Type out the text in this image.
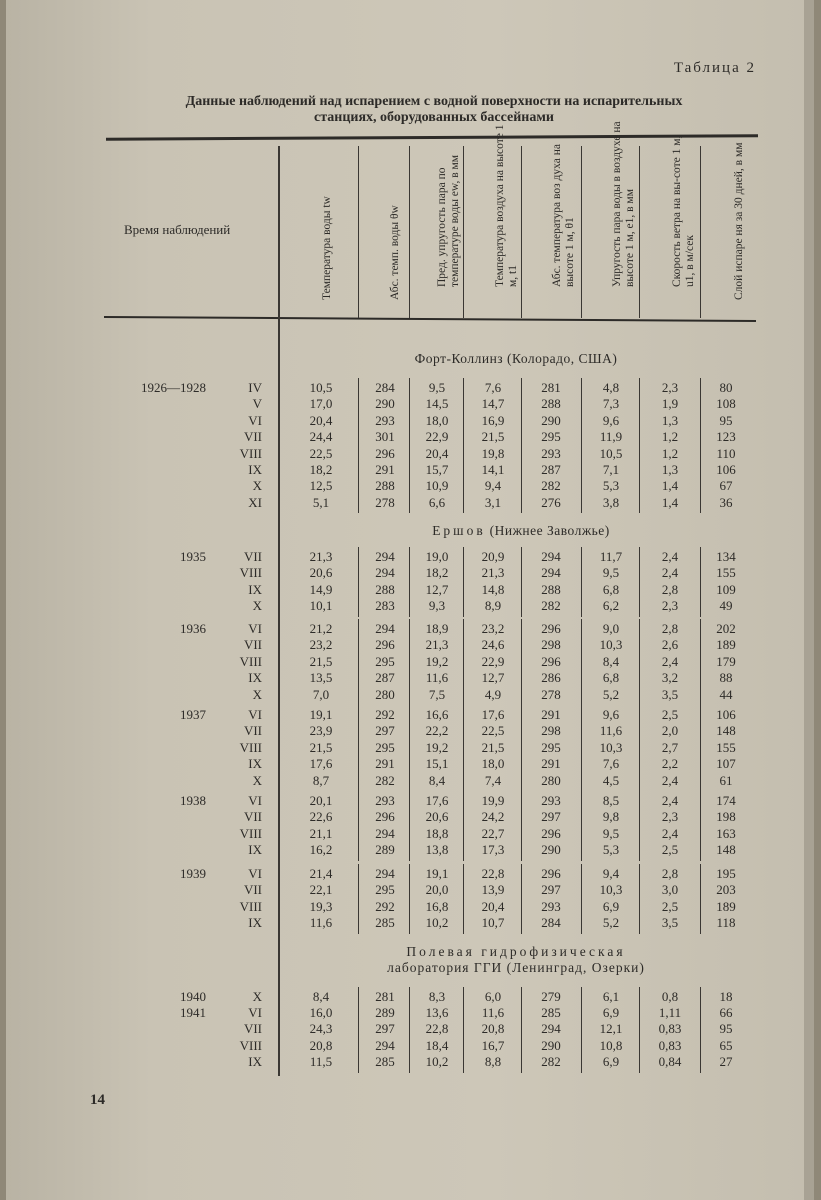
Таблица 2
Данные наблюдений над испарением с водной поверхности на испарительных
станциях, оборудованных бассейнами
Время наблюдений	Температура воды tw	Абс. темп. воды θw	Пред. упругость пара по температуре воды ew, в мм	Температура воздуха на высоте 1 м, t1	Абс. температура воз духа на высоте 1 м, θ1	Упругость пара воды в воздухе на высоте 1 м, e1, в мм	Скорость ветра на вы-соте 1 м, u1, в м/сек	Слой испаре ня за 30 дней, в мм
Форт-Коллинз (Колорадо, США)
Ершов (Нижнее Заволжье)
Полевая гидрофизическая
лаборатория ГГИ (Ленинград, Озерки)
1926—1928	IV	10,5	284	9,5	7,6	281	4,8	2,3	80
V	17,0	290	14,5	14,7	288	7,3	1,9	108
VI	20,4	293	18,0	16,9	290	9,6	1,3	95
VII	24,4	301	22,9	21,5	295	11,9	1,2	123
VIII	22,5	296	20,4	19,8	293	10,5	1,2	110
IX	18,2	291	15,7	14,1	287	7,1	1,3	106
X	12,5	288	10,9	9,4	282	5,3	1,4	67
XI	5,1	278	6,6	3,1	276	3,8	1,4	36
1935	VII	21,3	294	19,0	20,9	294	11,7	2,4	134
VIII	20,6	294	18,2	21,3	294	9,5	2,4	155
IX	14,9	288	12,7	14,8	288	6,8	2,8	109
X	10,1	283	9,3	8,9	282	6,2	2,3	49
1936	VI	21,2	294	18,9	23,2	296	9,0	2,8	202
VII	23,2	296	21,3	24,6	298	10,3	2,6	189
VIII	21,5	295	19,2	22,9	296	8,4	2,4	179
IX	13,5	287	11,6	12,7	286	6,8	3,2	88
X	7,0	280	7,5	4,9	278	5,2	3,5	44
1937	VI	19,1	292	16,6	17,6	291	9,6	2,5	106
VII	23,9	297	22,2	22,5	298	11,6	2,0	148
VIII	21,5	295	19,2	21,5	295	10,3	2,7	155
IX	17,6	291	15,1	18,0	291	7,6	2,2	107
X	8,7	282	8,4	7,4	280	4,5	2,4	61
1938	VI	20,1	293	17,6	19,9	293	8,5	2,4	174
VII	22,6	296	20,6	24,2	297	9,8	2,3	198
VIII	21,1	294	18,8	22,7	296	9,5	2,4	163
IX	16,2	289	13,8	17,3	290	5,3	2,5	148
1939	VI	21,4	294	19,1	22,8	296	9,4	2,8	195
VII	22,1	295	20,0	13,9	297	10,3	3,0	203
VIII	19,3	292	16,8	20,4	293	6,9	2,5	189
IX	11,6	285	10,2	10,7	284	5,2	3,5	118
1940	X	8,4	281	8,3	6,0	279	6,1	0,8	18
1941	VI	16,0	289	13,6	11,6	285	6,9	1,11	66
VII	24,3	297	22,8	20,8	294	12,1	0,83	95
VIII	20,8	294	18,4	16,7	290	10,8	0,83	65
IX	11,5	285	10,2	8,8	282	6,9	0,84	27
14
